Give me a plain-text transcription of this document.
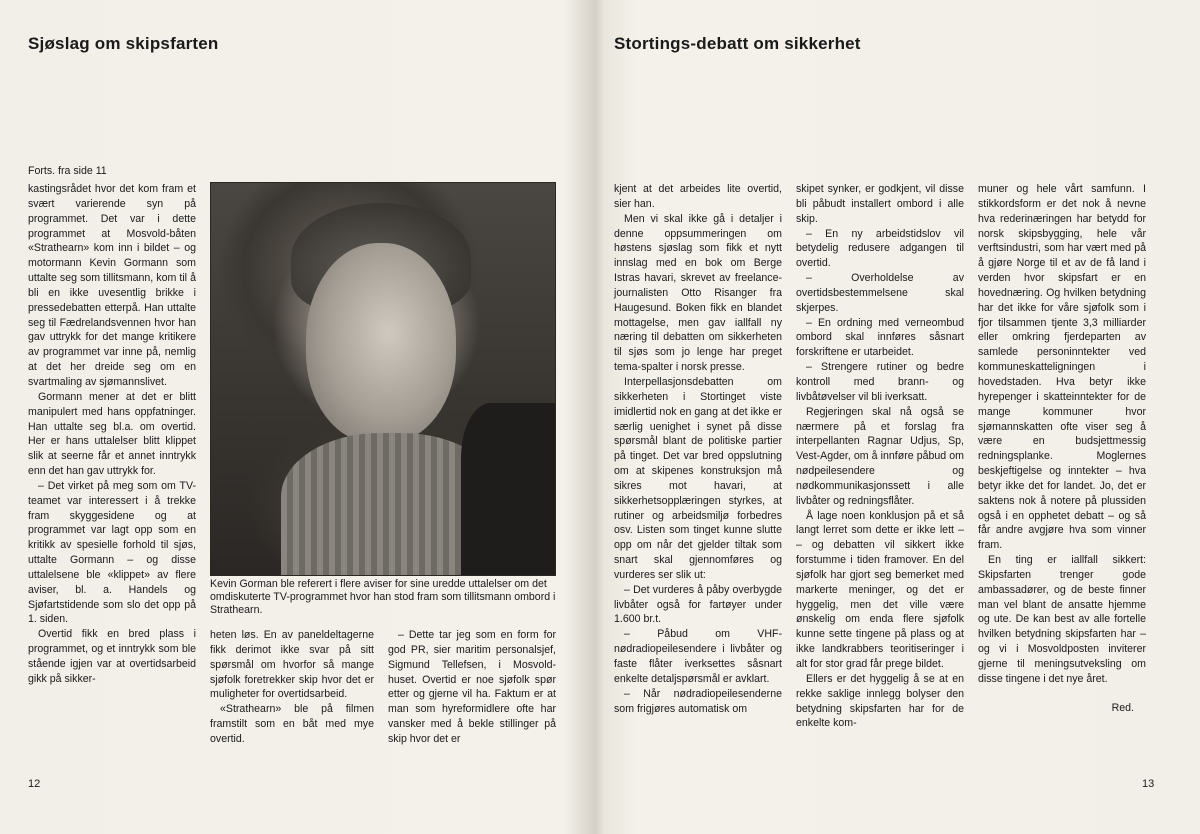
Sjøslag om skipsfarten
Forts. fra side 11

kastingsrådet hvor det kom fram et svært varierende syn på programmet. Det var i dette programmet at Mosvold-båten «Strathearn» kom inn i bildet – og motormann Kevin Gormann som uttalte seg som tillitsmann, kom til å bli en ikke uvesentlig brikke i pressedebatten etterpå. Han uttalte seg til Fædrelandsvennen hvor han gav uttrykk for det mange kritikere av programmet var inne på, nemlig at det her dreide seg om en svartmaling av sjømannslivet.

Gormann mener at det er blitt manipulert med hans oppfatninger. Han uttalte seg bl.a. om overtid. Her er hans uttalelser blitt klippet slik at seerne får et annet inntrykk enn det han gav uttrykk for.

– Det virket på meg som om TV-teamet var interessert i å trekke fram skyggesidene og at programmet var lagt opp som en kritikk av spesielle forhold til sjøs, uttalte Gormann – og disse uttalelsene ble «klippet» av flere aviser, bl. a. Handels og Sjøfartstidende som slo det opp på 1. siden.

Overtid fikk en bred plass i programmet, og et inntrykk som ble stående igjen var at overtidsarbeid gikk på sikker-

Kevin Gorman ble referert i flere aviser for sine uredde uttalelser om det omdiskuterte TV-programmet hvor han stod fram som tillitsmann ombord i Strathearn.

heten løs. En av paneldeltagerne fikk derimot ikke svar på sitt spørsmål om hvorfor så mange sjøfolk foretrekker skip hvor det er muligheter for overtidsarbeid.

«Strathearn» ble på filmen framstilt som en båt med mye overtid.

– Dette tar jeg som en form for god PR, sier maritim personalsjef, Sigmund Tellefsen, i Mosvold-huset. Overtid er noe sjøfolk spør etter og gjerne vil ha. Faktum er at man som hyreformidlere ofte har vansker med å bekle stillinger på skip hvor det er

12
Stortings-debatt om sikkerhet

kjent at det arbeides lite overtid, sier han.

Men vi skal ikke gå i detaljer i denne oppsummeringen om høstens sjøslag som fikk et nytt innslag med en bok om Berge Istras havari, skrevet av freelance-journalisten Otto Risanger fra Haugesund. Boken fikk en blandet mottagelse, men gav iallfall ny næring til debatten om sikkerheten til sjøs som jo lenge har preget tema-spalter i norsk presse.

Interpellasjonsdebatten om sikkerheten i Stortinget viste imidlertid nok en gang at det ikke er særlig uenighet i synet på disse spørsmål blant de politiske partier på tinget. Det var bred oppslutning om at skipenes konstruksjon må sikres mot havari, at sikkerhetsopplæringen styrkes, at rutiner og arbeidsmiljø forbedres osv. Listen som tinget kunne slutte opp om når det gjelder tiltak som snart skal gjennomføres og vurderes ser slik ut:

– Det vurderes å påby overbygde livbåter også for fartøyer under 1.600 br.t.

– Påbud om VHF-nødradiopeilesendere i livbåter og faste flåter iverksettes såsnart enkelte detaljspørsmål er avklart.

– Når nødradiopeilesenderne som frigjøres automatisk om

skipet synker, er godkjent, vil disse bli påbudt installert ombord i alle skip.

– En ny arbeidstidslov vil betydelig redusere adgangen til overtid.

– Overholdelse av overtidsbestemmelsene skal skjerpes.

– En ordning med verneombud ombord skal innføres såsnart forskriftene er utarbeidet.

– Strengere rutiner og bedre kontroll med brann- og livbåtøvelser vil bli iverksatt.

Regjeringen skal nå også se nærmere på et forslag fra interpellanten Ragnar Udjus, Sp, Vest-Agder, om å innføre påbud om nødpeilesendere og nødkommunikasjonssett i alle livbåter og redningsflåter.

Å lage noen konklusjon på et så langt lerret som dette er ikke lett – – og debatten vil sikkert ikke forstumme i tiden framover. En del sjøfolk har gjort seg bemerket med markerte meninger, og det er hyggelig, men det ville være ønskelig om enda flere sjøfolk kunne sette tingene på plass og at ikke landkrabbers teoritiseringer i alt for stor grad får prege bildet.

Ellers er det hyggelig å se at en rekke saklige innlegg bolyser den betydning skipsfarten har for de enkelte kom-

muner og hele vårt samfunn. I stikkordsform er det nok å nevne hva rederinæringen har betydd for norsk skipsbygging, hele vår verftsindustri, som har vært med på å gjøre Norge til et av de få land i verden hvor skipsfart er en hovednæring. Og hvilken betydning har det ikke for våre sjøfolk som i fjor tilsammen tjente 3,3 milliarder eller omkring fjerdeparten av samlede personinntekter ved kommuneskatteligningen i hovedstaden. Hva betyr ikke hyrepenger i skatteinntekter for de mange kommuner hvor sjømannskatten ofte viser seg å være en budsjettmessig redningsplanke. Moglernes beskjeftigelse og inntekter – hva betyr ikke det for landet. Jo, det er saktens nok å notere på plussiden også i en opphetet debatt – og så får andre avgjøre hva som vinner fram.

En ting er iallfall sikkert: Skipsfarten trenger gode ambassadører, og de beste finner man vel blant de ansatte hjemme og ute. De kan best av alle fortelle hvilken betydning skipsfarten har – og vi i Mosvoldposten inviterer gjerne til meningsutveksling om disse tingene i det nye året.

Red.

13
